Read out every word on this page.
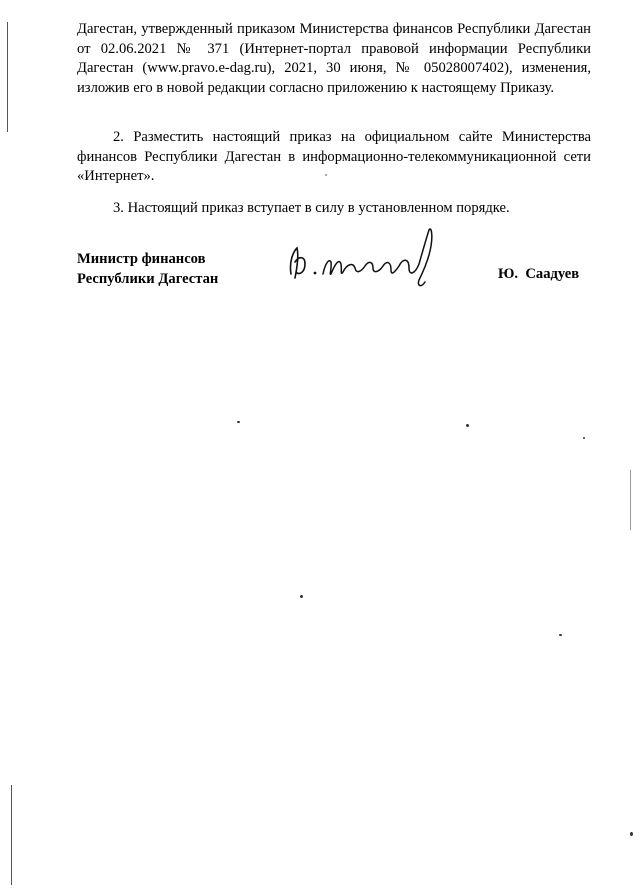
Дагестан, утвержденный приказом Министерства финансов Республики Дагестан от 02.06.2021 № 371 (Интернет-портал правовой информации Республики Дагестан (www.pravo.e-dag.ru), 2021, 30 июня, № 05028007402), изменения, изложив его в новой редакции согласно приложению к настоящему Приказу.

2. Разместить настоящий приказ на официальном сайте Министерства финансов Республики Дагестан в информационно-телекоммуникационной сети «Интернет».

3. Настоящий приказ вступает в силу в установленном порядке.

Министр финансов
Республики Дагестан	Ю.  Саадуев
